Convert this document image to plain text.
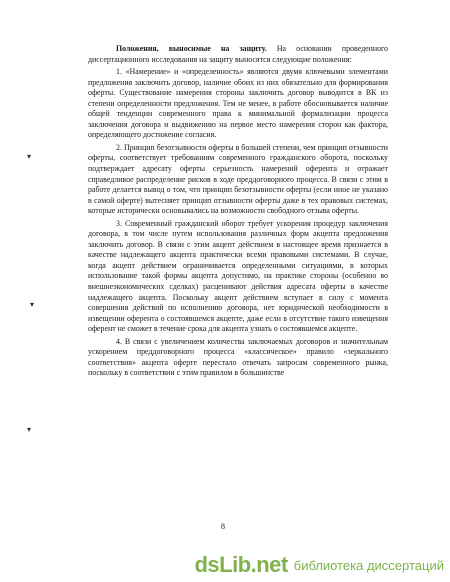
Положения, выносимые на защиту. На основании проведенного диссертационного исследования на защиту выносятся следующие положения:

1. «Намерение» и «определенность» являются двумя ключевыми элементами предложения заключить договор, наличие обоих из них обязательно для формирования оферты. Существование намерения стороны заключить договор выводится в ВК из степени определенности предложения. Тем не менее, в работе обосновывается наличие общей тенденции современного права к минимальной формализации процесса заключения договора и выдвижению на первое место намерения сторон как фактора, определяющего достижение согласия.

2. Принцип безотзывности оферты в большей степени, чем принцип отзывности оферты, соответствует требованиям современного гражданского оборота, поскольку подтверждает адресату оферты серьезность намерений оферента и отражает справедливое распределение рисков в ходе преддоговорного процесса. В связи с этим в работе делается вывод о том, что принцип безотзывности оферты (если иное не указано в самой оферте) вытесняет принцип отзывности оферты даже в тех правовых системах, которые исторически основывались на возможности свободного отзыва оферты.

3. Современный гражданский оборот требует ускорения процедур заключения договора, в том числе путем использования различных форм акцепта предложения заключить договор. В связи с этим акцепт действием в настоящее время признается в качестве надлежащего акцепта практически всеми правовыми системами. В случае, когда акцепт действием ограничивается определенными ситуациями, в которых использование такой формы акцепта допустимо, на практике стороны (особенно во внешнеэкономических сделках) расценивают действия адресата оферты в качестве надлежащего акцепта. Поскольку акцепт действием вступает в силу с момента совершения действий по исполнению договора, нет юридической необходимости в извещении оферента о состоявшемся акцепте, даже если в отсутствие такого извещения оферент не сможет в течение срока для акцепта узнать о состоявшемся акцепте.

4. В связи с увеличением количества заключаемых договоров и значительным ускорением преддоговорного процесса «классическое» правило «зеркального соответствия» акцепта оферте перестало отвечать запросам современного рынка, поскольку в соответствии с этим правилом в большинстве

▾
▾
▾
8
dsLib.net библиотека диссертаций
